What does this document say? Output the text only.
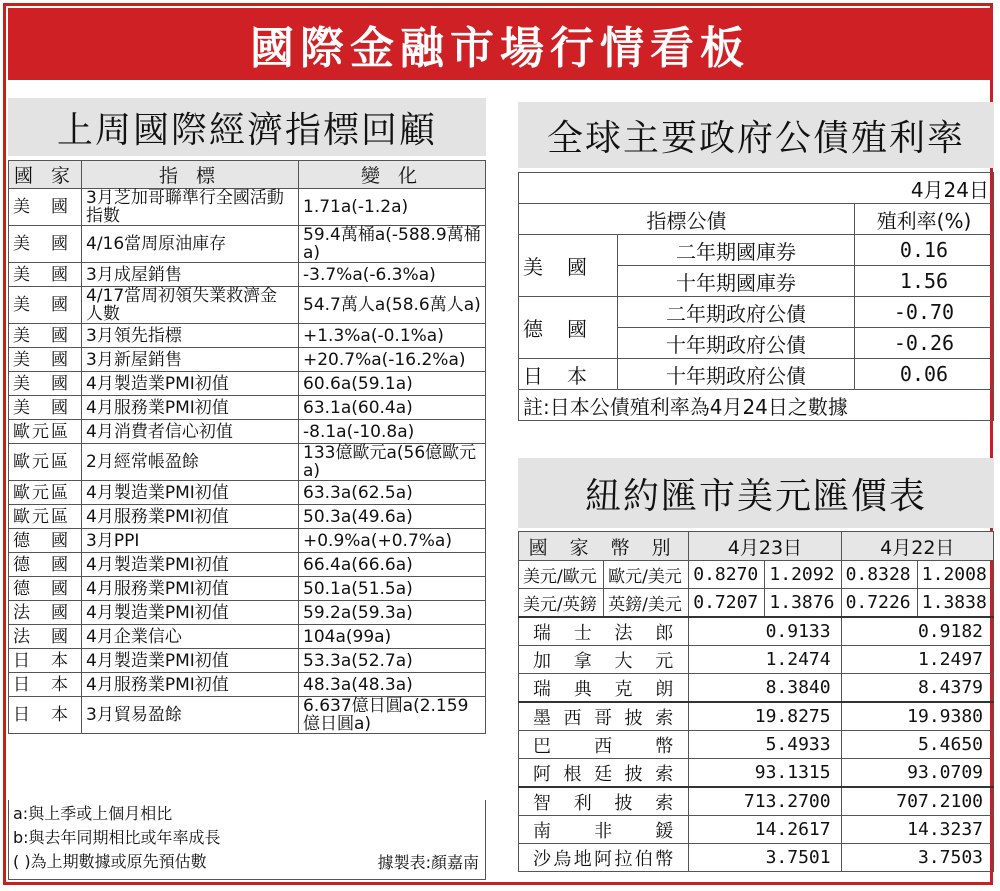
國際金融市場行情看板
上周國際經濟指標回顧
國 家	指 標	變 化
美　國	3月芝加哥聯準行全國活動指數	1.71a(-1.2a)
美　國	4/16當周原油庫存	59.4萬桶a(-588.9萬桶a)
美　國	3月成屋銷售	-3.7%a(-6.3%a)
美　國	4/17當周初領失業救濟金人數	54.7萬人a(58.6萬人a)
美　國	3月領先指標	+1.3%a(-0.1%a)
美　國	3月新屋銷售	+20.7%a(-16.2%a)
美　國	4月製造業PMI初值	60.6a(59.1a)
美　國	4月服務業PMI初值	63.1a(60.4a)
歐元區	4月消費者信心初值	-8.1a(-10.8a)
歐元區	2月經常帳盈餘	133億歐元a(56億歐元a)
歐元區	4月製造業PMI初值	63.3a(62.5a)
歐元區	4月服務業PMI初值	50.3a(49.6a)
德　國	3月PPI	+0.9%a(+0.7%a)
德　國	4月製造業PMI初值	66.4a(66.6a)
德　國	4月服務業PMI初值	50.1a(51.5a)
法　國	4月製造業PMI初值	59.2a(59.3a)
法　國	4月企業信心	104a(99a)
日　本	4月製造業PMI初值	53.3a(52.7a)
日　本	4月服務業PMI初值	48.3a(48.3a)
日　本	3月貿易盈餘	6.637億日圓a(2.159億日圓a)
a:與上季或上個月相比
b:與去年同期相比或年率成長
( )為上期數據或原先預估數	據製表:顏嘉南
全球主要政府公債殖利率
4月24日		
指標公債		殖利率(%)
美　國	二年期國庫券	0.16
	十年期國庫券	1.56
德　國	二年期政府公債	-0.70
	十年期政府公債	-0.26
日　本	十年期政府公債	0.06
註:日本公債殖利率為4月24日之數據		
紐約匯市美元匯價表
國 家 幣 別		4月23日		4月22日	
美元/歐元	歐元/美元	0.8270	1.2092	0.8328	1.2008
美元/英鎊	英鎊/美元	0.7207	1.3876	0.7226	1.3838
瑞士法郎		0.9133		0.9182	
加拿大元		1.2474		1.2497	
瑞典克朗		8.3840		8.4379	
墨西哥披索		19.8275		19.9380	
巴西幣		5.4933		5.4650	
阿根廷披索		93.1315		93.0709	
智利披索		713.2700		707.2100	
南非鍰		14.2617		14.3237	
沙烏地阿拉伯幣		3.7501		3.7503	
